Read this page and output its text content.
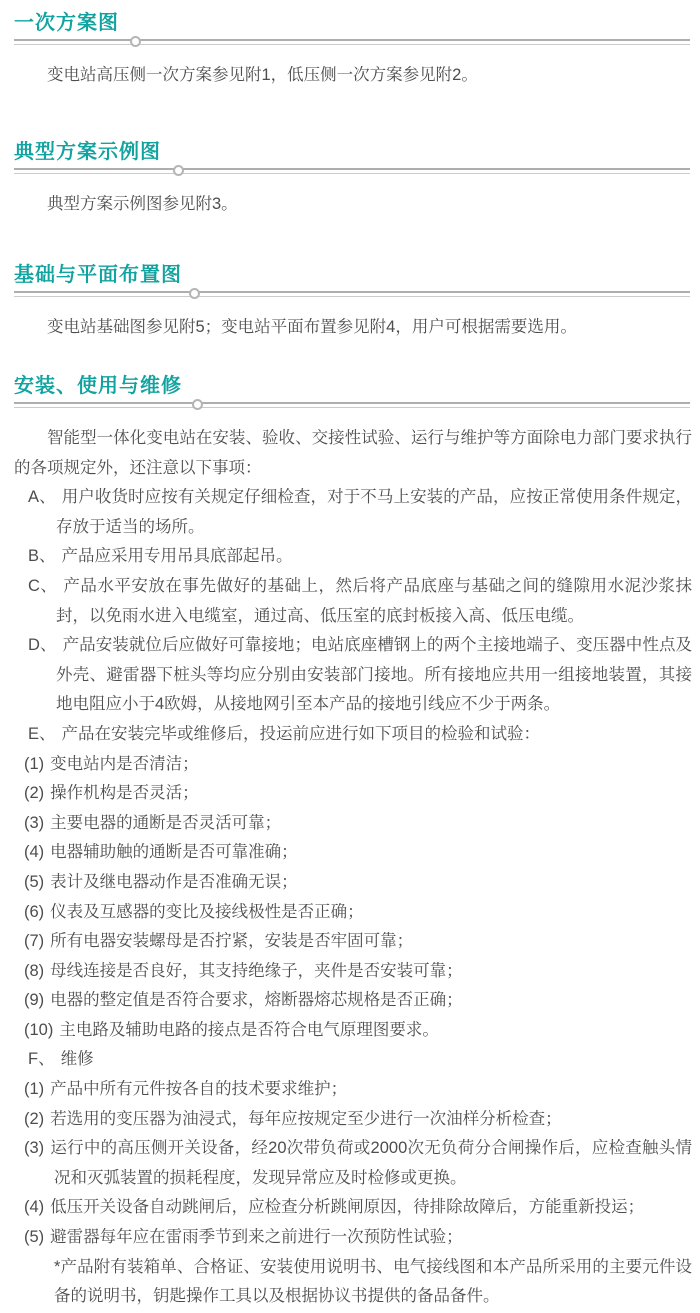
一次方案图

变电站高压侧一次方案参见附1，低压侧一次方案参见附2。

典型方案示例图

典型方案示例图参见附3。

基础与平面布置图

变电站基础图参见附5；变电站平面布置参见附4，用户可根据需要选用。

安装、使用与维修

智能型一体化变电站在安装、验收、交接性试验、运行与维护等方面除电力部门要求执行的各项规定外，还注意以下事项：

A、 用户收货时应按有关规定仔细检查，对于不马上安装的产品，应按正常使用条件规定，存放于适当的场所。

B、 产品应采用专用吊具底部起吊。

C、 产品水平安放在事先做好的基础上，然后将产品底座与基础之间的缝隙用水泥沙浆抹封，以免雨水进入电缆室，通过高、低压室的底封板接入高、低压电缆。

D、 产品安装就位后应做好可靠接地；电站底座槽钢上的两个主接地端子、变压器中性点及外壳、避雷器下桩头等均应分别由安装部门接地。所有接地应共用一组接地装置，其接地电阻应小于4欧姆，从接地网引至本产品的接地引线应不少于两条。

E、 产品在安装完毕或维修后，投运前应进行如下项目的检验和试验：

(1) 变电站内是否清洁；

(2) 操作机构是否灵活；

(3) 主要电器的通断是否灵活可靠；

(4) 电器辅助触的通断是否可靠准确；

(5) 表计及继电器动作是否准确无误；

(6) 仪表及互感器的变比及接线极性是否正确；

(7) 所有电器安装螺母是否拧紧，安装是否牢固可靠；

(8) 母线连接是否良好，其支持绝缘子，夹件是否安装可靠；

(9) 电器的整定值是否符合要求，熔断器熔芯规格是否正确；

(10) 主电路及辅助电路的接点是否符合电气原理图要求。

F、 维修

(1) 产品中所有元件按各自的技术要求维护；

(2) 若选用的变压器为油浸式，每年应按规定至少进行一次油样分析检查；

(3) 运行中的高压侧开关设备，经20次带负荷或2000次无负荷分合闸操作后，应检查触头情况和灭弧装置的损耗程度，发现异常应及时检修或更换。

(4) 低压开关设备自动跳闸后，应检查分析跳闸原因，待排除故障后，方能重新投运；

(5) 避雷器每年应在雷雨季节到来之前进行一次预防性试验；

*产品附有装箱单、合格证、安装使用说明书、电气接线图和本产品所采用的主要元件设备的说明书，钥匙操作工具以及根据协议书提供的备品备件。
